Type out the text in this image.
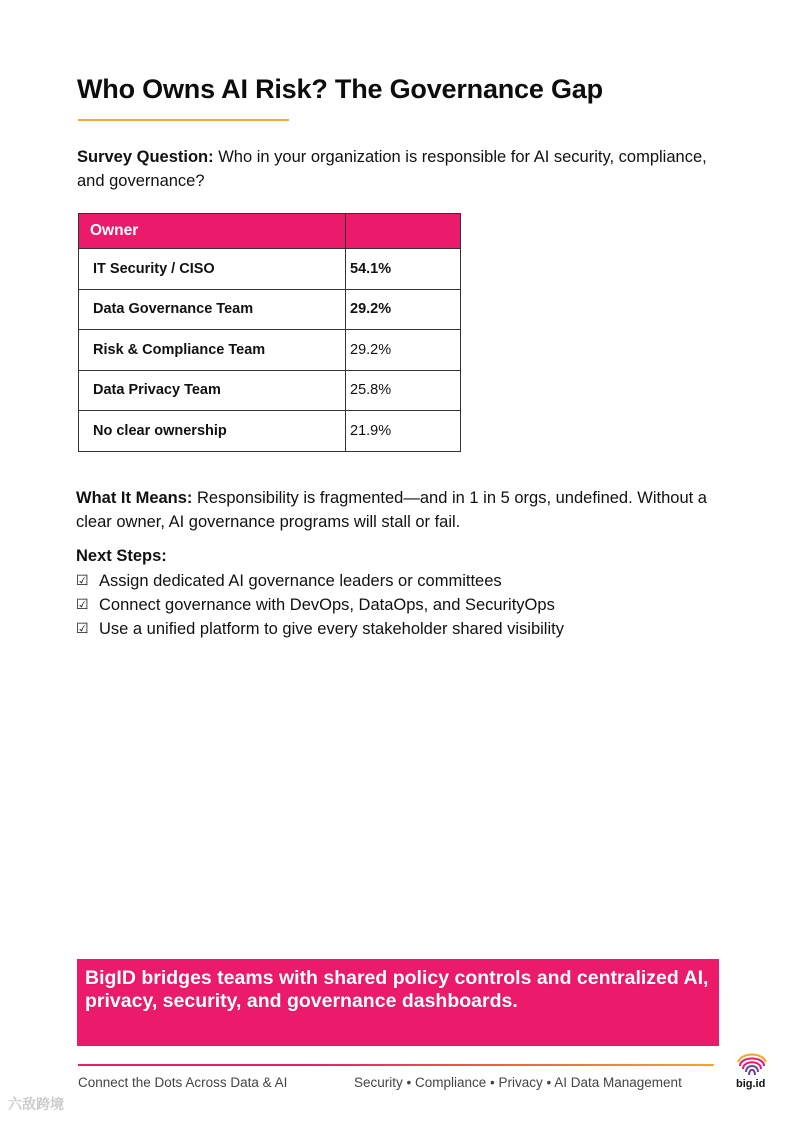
Who Owns AI Risk? The Governance Gap
Survey Question: Who in your organization is responsible for AI security, compliance, and governance?
Owner	
IT Security / CISO	54.1%
Data Governance Team	29.2%
Risk & Compliance Team	29.2%
Data Privacy Team	25.8%
No clear ownership	21.9%
What It Means: Responsibility is fragmented—and in 1 in 5 orgs, undefined. Without a clear owner, AI governance programs will stall or fail.
Next Steps:
☑ Assign dedicated AI governance leaders or committees
☑ Connect governance with DevOps, DataOps, and SecurityOps
☑ Use a unified platform to give every stakeholder shared visibility
BigID bridges teams with shared policy controls and centralized AI, privacy, security, and governance dashboards.
Connect the Dots Across Data & AI	Security • Compliance • Privacy • AI Data Management	big.id
六敌跨境
